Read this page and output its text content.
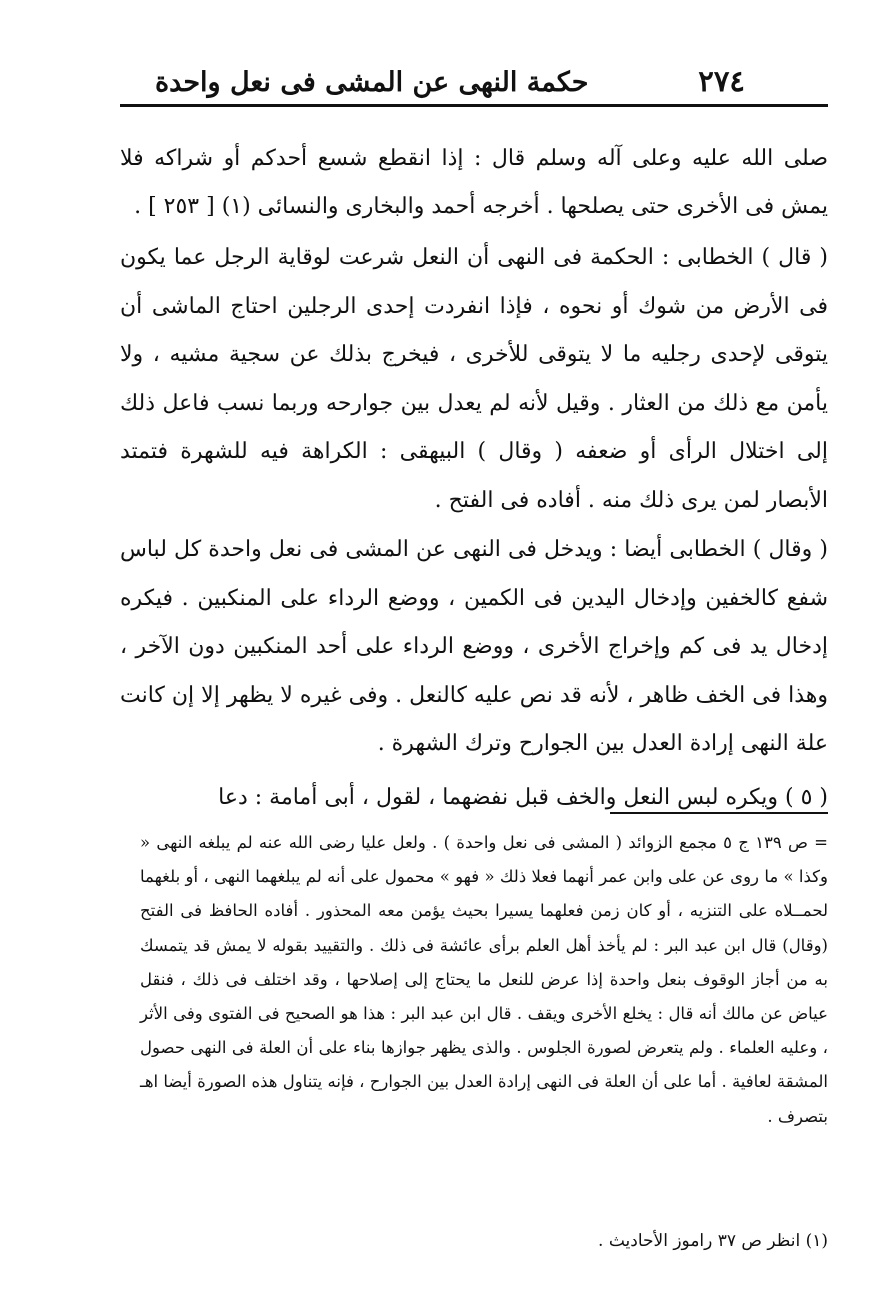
٢٧٤
حكمة النهى عن المشى فى نعل واحدة

صلى الله عليه وعلى آله وسلم قال : إذا انقطع شسع أحدكم أو شراكه فلا يمش فى الأخرى حتى يصلحها . أخرجه أحمد والبخارى والنسائى (١) [ ٢٥٣ ] .

( قال ) الخطابى : الحكمة فى النهى أن النعل شرعت لوقاية الرجل عما يكون فى الأرض من شوك أو نحوه ، فإذا انفردت إحدى الرجلين احتاج الماشى أن يتوقى لإحدى رجليه ما لا يتوقى للأخرى ، فيخرج بذلك عن سجية مشيه ، ولا يأمن مع ذلك من العثار . وقيل لأنه لم يعدل بين جوارحه وربما نسب فاعل ذلك إلى اختلال الرأى أو ضعفه ( وقال ) البيهقى : الكراهة فيه للشهرة فتمتد الأبصار لمن يرى ذلك منه . أفاده فى الفتح .

( وقال ) الخطابى أيضا : ويدخل فى النهى عن المشى فى نعل واحدة كل لباس شفع كالخفين وإدخال اليدين فى الكمين ، ووضع الرداء على المنكبين . فيكره إدخال يد فى كم وإخراج الأخرى ، ووضع الرداء على أحد المنكبين دون الآخر ، وهذا فى الخف ظاهر ، لأنه قد نص عليه كالنعل . وفى غيره لا يظهر إلا إن كانت علة النهى إرادة العدل بين الجوارح وترك الشهرة .

( ٥ ) ويكره لبس النعل والخف قبل نفضهما ، لقول ، أبى أمامة : دعا

= ص ١٣٩ ج ٥ مجمع الزوائد ( المشى فى نعل واحدة ) . ولعل عليا رضى الله عنه لم يبلغه النهى « وكذا » ما روى عن على وابن عمر أنهما فعلا ذلك « فهو » محمول على أنه لم يبلغهما النهى ، أو بلغهما لحمــلاه على التنزيه ، أو كان زمن فعلهما يسيرا بحيث يؤمن معه المحذور . أفاده الحافظ فى الفتح (وقال) قال ابن عبد البر : لم يأخذ أهل العلم برأى عائشة فى ذلك . والتقييد بقوله لا يمش قد يتمسك به من أجاز الوقوف بنعل واحدة إذا عرض للنعل ما يحتاج إلى إصلاحها ، وقد اختلف فى ذلك ، فنقل عياض عن مالك أنه قال : يخلع الأخرى ويقف . قال ابن عبد البر : هذا هو الصحيح فى الفتوى وفى الأثر ، وعليه العلماء . ولم يتعرض لصورة الجلوس . والذى يظهر جوازها بناء على أن العلة فى النهى حصول المشقة لعافية . أما على أن العلة فى النهى إرادة العدل بين الجوارح ، فإنه يتناول هذه الصورة أيضا اهـ بتصرف .

(١) انظر ص ٣٧ راموز الأحاديث .
